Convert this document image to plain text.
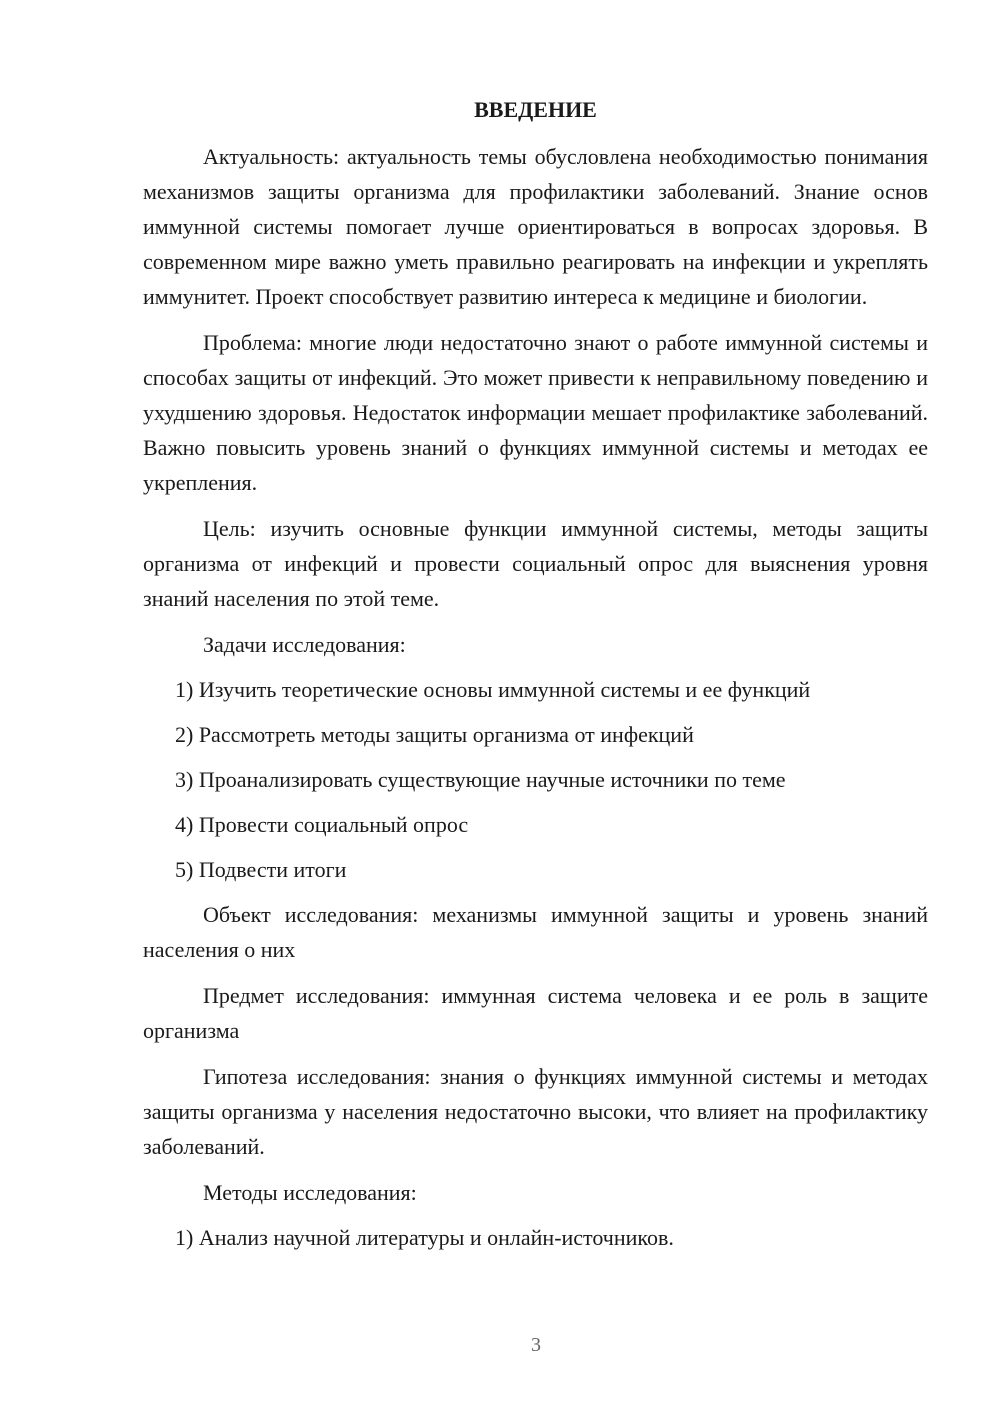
ВВЕДЕНИЕ

Актуальность: актуальность темы обусловлена необходимостью понимания механизмов защиты организма для профилактики заболеваний. Знание основ иммунной системы помогает лучше ориентироваться в вопросах здоровья. В современном мире важно уметь правильно реагировать на инфекции и укреплять иммунитет. Проект способствует развитию интереса к медицине и биологии.

Проблема: многие люди недостаточно знают о работе иммунной системы и способах защиты от инфекций. Это может привести к неправильному поведению и ухудшению здоровья. Недостаток информации мешает профилактике заболеваний. Важно повысить уровень знаний о функциях иммунной системы и методах ее укрепления.

Цель: изучить основные функции иммунной системы, методы защиты организма от инфекций и провести социальный опрос для выяснения уровня знаний населения по этой теме.

Задачи исследования:

1) Изучить теоретические основы иммунной системы и ее функций
2) Рассмотреть методы защиты организма от инфекций
3) Проанализировать существующие научные источники по теме
4) Провести социальный опрос
5) Подвести итоги

Объект исследования: механизмы иммунной защиты и уровень знаний населения о них

Предмет исследования: иммунная система человека и ее роль в защите организма

Гипотеза исследования: знания о функциях иммунной системы и методах защиты организма у населения недостаточно высоки, что влияет на профилактику заболеваний.

Методы исследования:

1) Анализ научной литературы и онлайн-источников.
3
